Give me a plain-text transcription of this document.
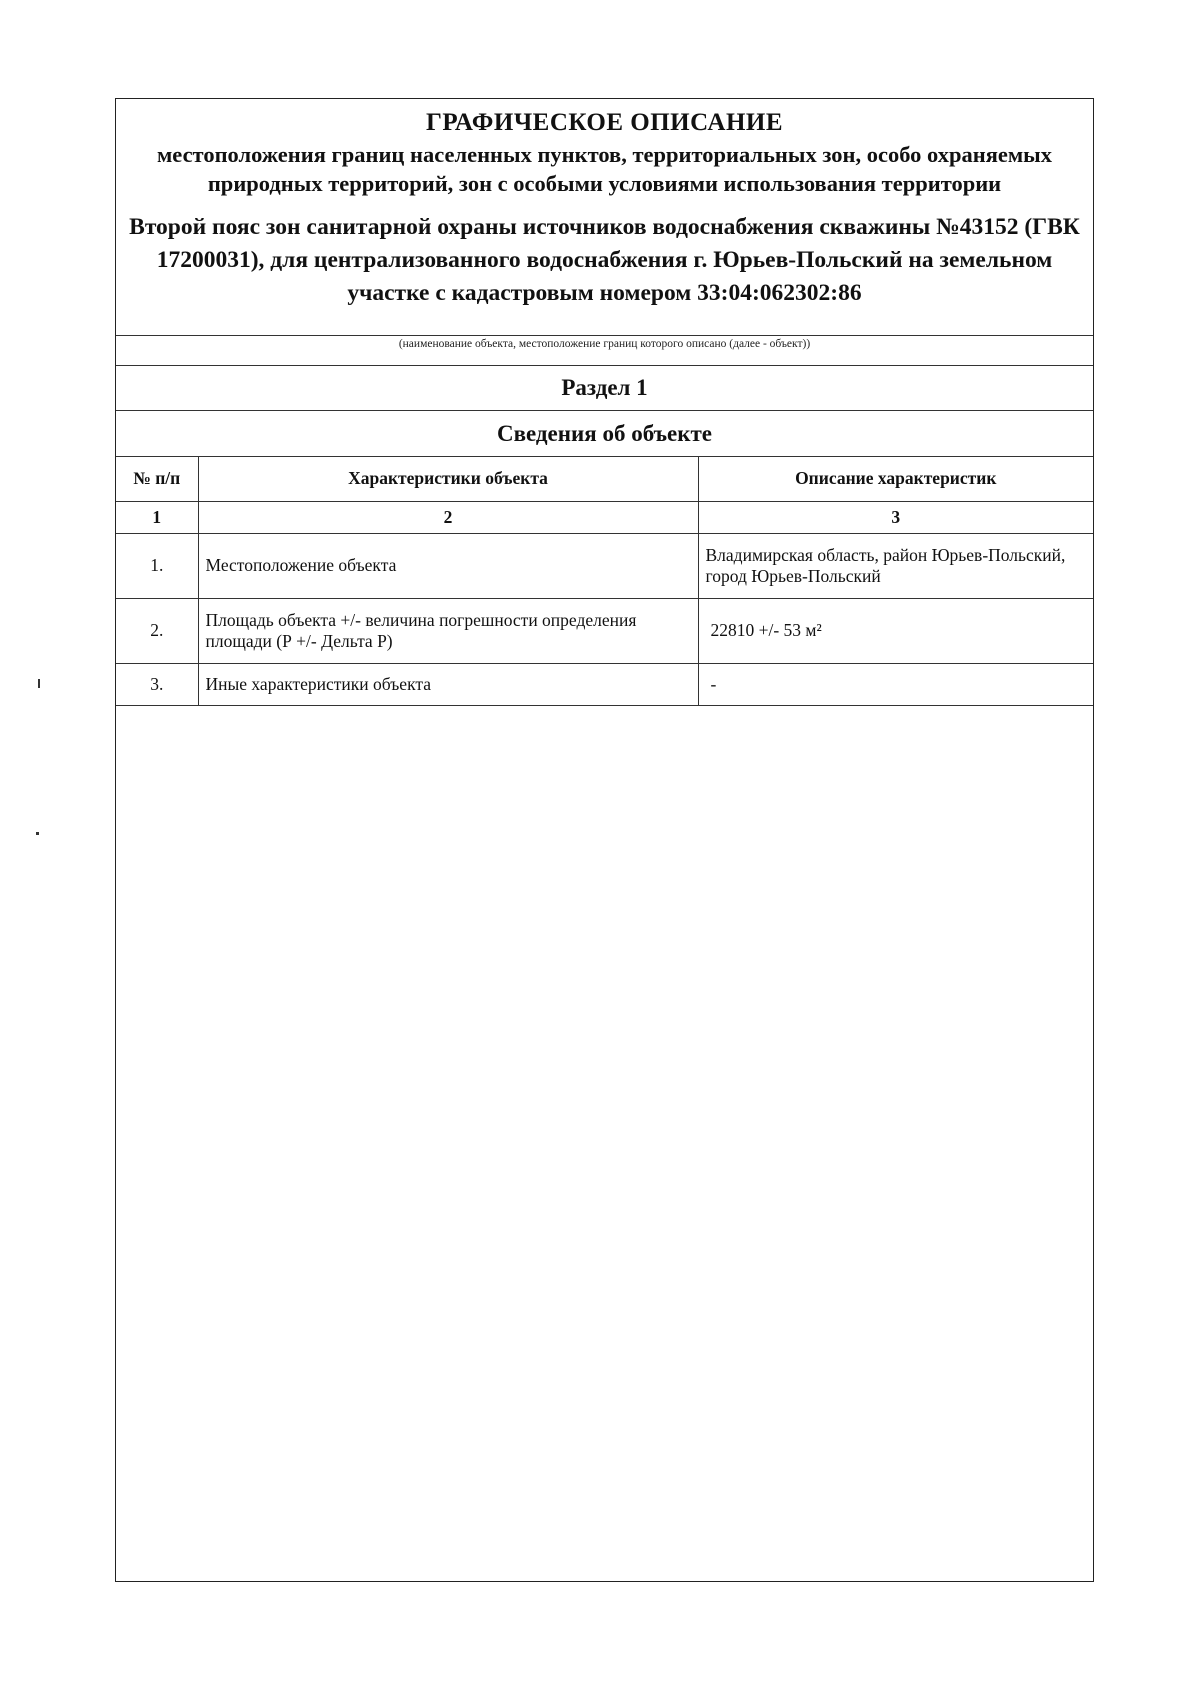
ГРАФИЧЕСКОЕ ОПИСАНИЕ
местоположения границ населенных пунктов, территориальных зон, особо охраняемых природных территорий, зон с особыми условиями использования территории
Второй пояс зон санитарной охраны источников водоснабжения скважины №43152 (ГВК 17200031), для централизованного водоснабжения г. Юрьев-Польский на земельном участке с кадастровым номером 33:04:062302:86
(наименование объекта, местоположение границ которого описано (далее - объект))
Раздел 1
Сведения об объекте
№ п/п	Характеристики объекта	Описание характеристик
1	2	3
1.	Местоположение объекта	Владимирская область, район Юрьев-Польский, город Юрьев-Польский
2.	Площадь объекта +/- величина погрешности определения площади (Р +/- Дельта Р)	22810 +/- 53 м²
3.	Иные характеристики объекта	-
